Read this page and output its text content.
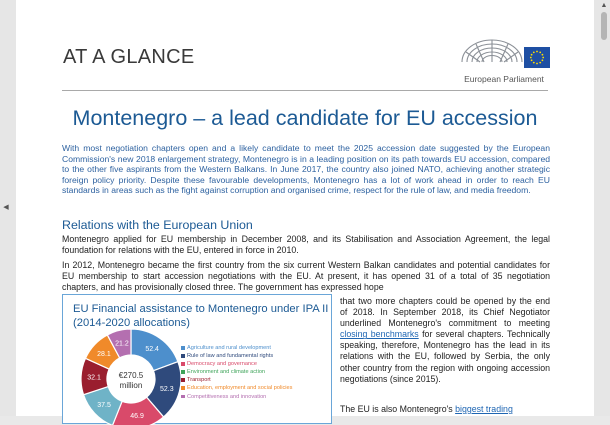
◀
AT A GLANCE
European Parliament
Montenegro – a lead candidate for EU accession
With most negotiation chapters open and a likely candidate to meet the 2025 accession date suggested by the European Commission's new 2018 enlargement strategy, Montenegro is in a leading position on its path towards EU accession, compared to the other five aspirants from the Western Balkans. In June 2017, the country also joined NATO, achieving another strategic foreign policy priority. Despite these favourable developments, Montenegro has a lot of work ahead in order to reach EU standards in areas such as the fight against corruption and organised crime, respect for the rule of law, and media freedom.
Relations with the European Union
Montenegro applied for EU membership in December 2008, and its Stabilisation and Association Agreement, the legal foundation for relations with the EU, entered in force in 2010.
In 2012, Montenegro became the first country from the six current Western Balkan candidates and potential candidates for EU membership to start accession negotiations with the EU. At present, it has opened 31 of a total of 35 negotiation chapters, and has provisionally closed three. The government has expressed hope
that two more chapters could be opened by the end of 2018. In September 2018, its Chief Negotiator underlined Montenegro's commitment to meeting closing benchmarks for several chapters. Technically speaking, therefore, Montenegro has the lead in its relations with the EU, followed by Serbia, the only other country from the region with ongoing accession negotiations (since 2015).
The EU is also Montenegro's biggest trading
EU Financial assistance to Montenegro under IPA II (2014-2020 allocations)
52.4
52.3
46.9
37.5
32.1
28.1
21.2
€270.5
million
Agriculture and rural development
Rule of law and fundamental rights
Democracy and governance
Environment and climate action
Transport
Education, employment and social policies
Competitiveness and innovation
▲
